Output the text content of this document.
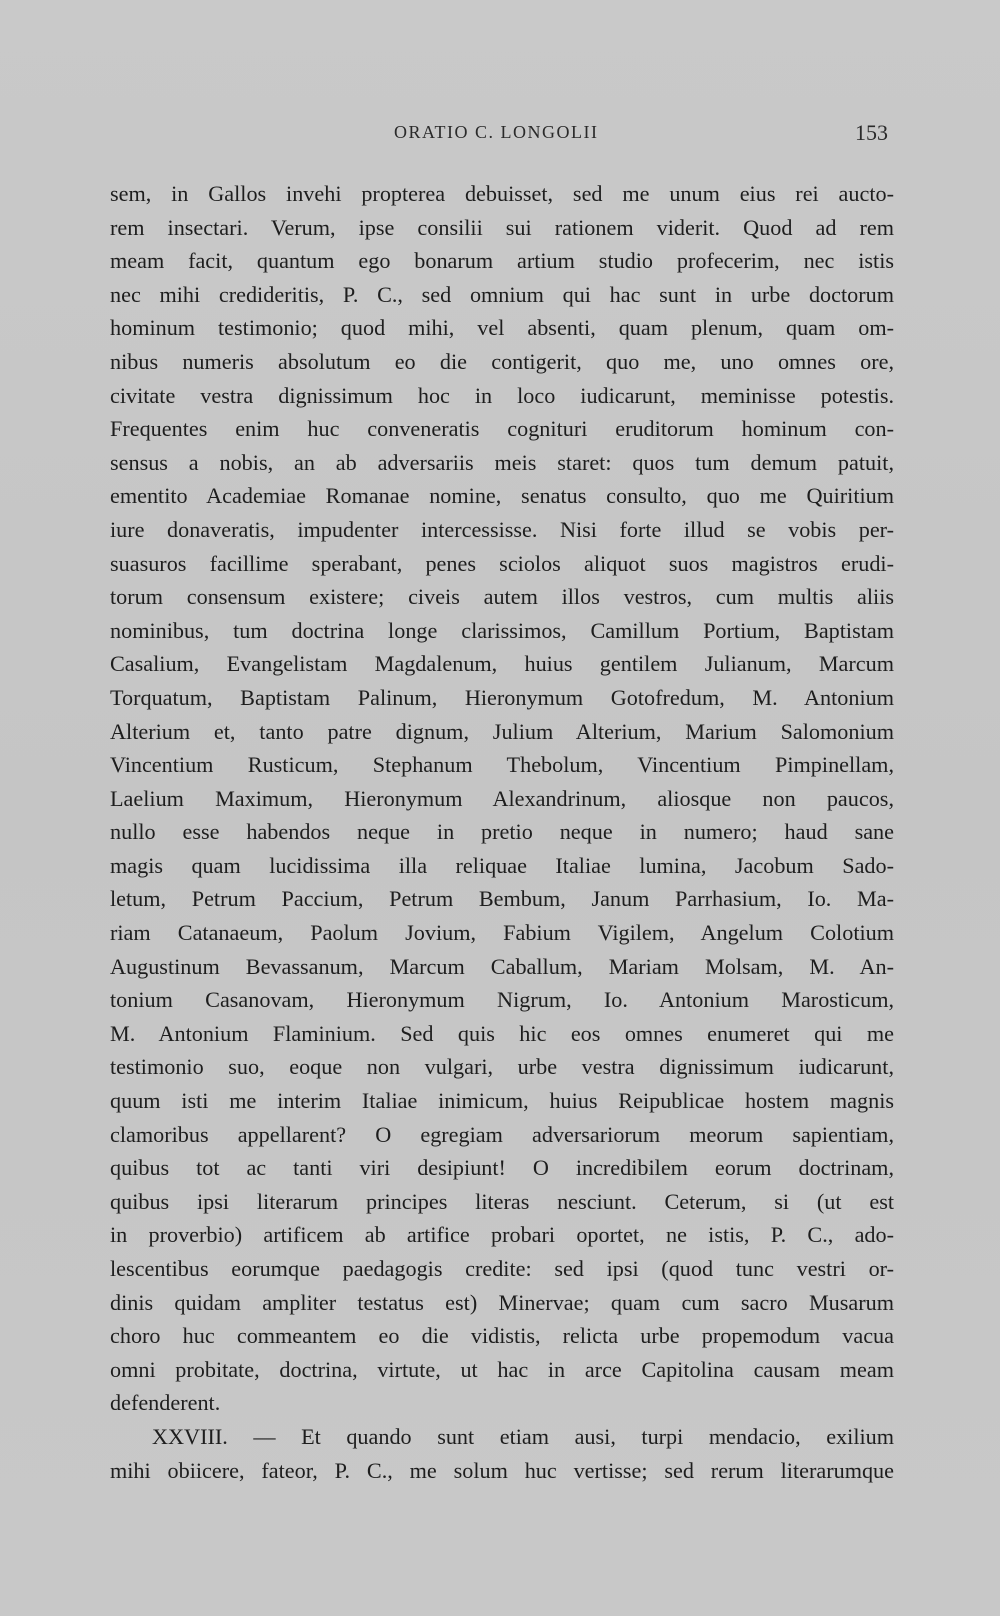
ORATIO C. LONGOLII	153
sem, in Gallos invehi propterea debuisset, sed me unum eius rei aucto-
rem insectari. Verum, ipse consilii sui rationem viderit. Quod ad rem
meam facit, quantum ego bonarum artium studio profecerim, nec istis
nec mihi credideritis, P. C., sed omnium qui hac sunt in urbe doctorum
hominum testimonio; quod mihi, vel absenti, quam plenum, quam om-
nibus numeris absolutum eo die contigerit, quo me, uno omnes ore,
civitate vestra dignissimum hoc in loco iudicarunt, meminisse potestis.
Frequentes enim huc conveneratis cognituri eruditorum hominum con-
sensus a nobis, an ab adversariis meis staret: quos tum demum patuit,
ementito Academiae Romanae nomine, senatus consulto, quo me Quiritium
iure donaveratis, impudenter intercessisse. Nisi forte illud se vobis per-
suasuros facillime sperabant, penes sciolos aliquot suos magistros erudi-
torum consensum existere; civeis autem illos vestros, cum multis aliis
nominibus, tum doctrina longe clarissimos, Camillum Portium, Baptistam
Casalium, Evangelistam Magdalenum, huius gentilem Julianum, Marcum
Torquatum, Baptistam Palinum, Hieronymum Gotofredum, M. Antonium
Alterium et, tanto patre dignum, Julium Alterium, Marium Salomonium
Vincentium Rusticum, Stephanum Thebolum, Vincentium Pimpinellam,
Laelium Maximum, Hieronymum Alexandrinum, aliosque non paucos,
nullo esse habendos neque in pretio neque in numero; haud sane
magis quam lucidissima illa reliquae Italiae lumina, Jacobum Sado-
letum, Petrum Paccium, Petrum Bembum, Janum Parrhasium, Io. Ma-
riam Catanaeum, Paolum Jovium, Fabium Vigilem, Angelum Colotium
Augustinum Bevassanum, Marcum Caballum, Mariam Molsam, M. An-
tonium Casanovam, Hieronymum Nigrum, Io. Antonium Marosticum,
M. Antonium Flaminium. Sed quis hic eos omnes enumeret qui me
testimonio suo, eoque non vulgari, urbe vestra dignissimum iudicarunt,
quum isti me interim Italiae inimicum, huius Reipublicae hostem magnis
clamoribus appellarent? O egregiam adversariorum meorum sapientiam,
quibus tot ac tanti viri desipiunt! O incredibilem eorum doctrinam,
quibus ipsi literarum principes literas nesciunt. Ceterum, si (ut est
in proverbio) artificem ab artifice probari oportet, ne istis, P. C., ado-
lescentibus eorumque paedagogis credite: sed ipsi (quod tunc vestri or-
dinis quidam ampliter testatus est) Minervae; quam cum sacro Musarum
choro huc commeantem eo die vidistis, relicta urbe propemodum vacua
omni probitate, doctrina, virtute, ut hac in arce Capitolina causam meam
defenderent.
XXVIII. — Et quando sunt etiam ausi, turpi mendacio, exilium
mihi obiicere, fateor, P. C., me solum huc vertisse; sed rerum literarumque
